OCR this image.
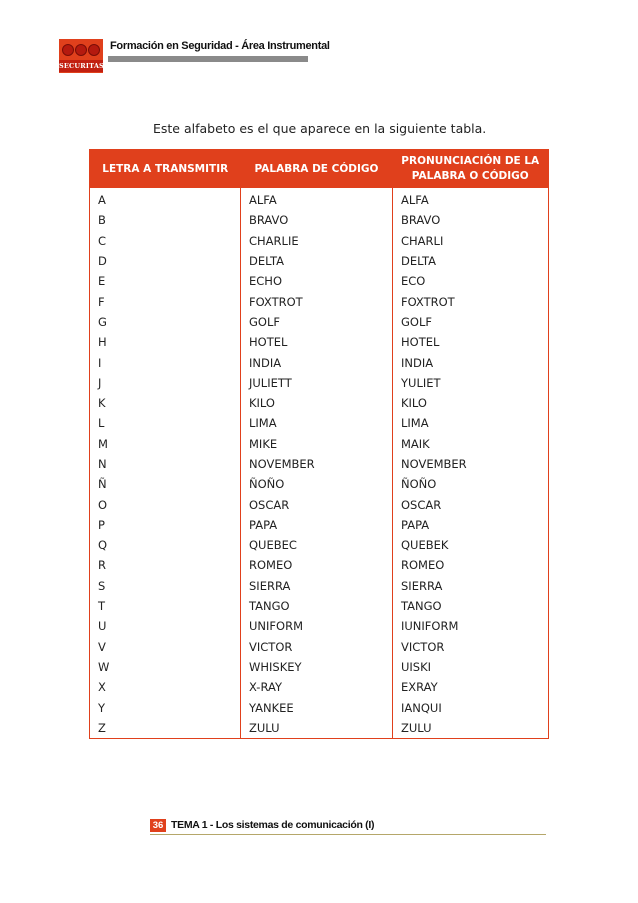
SECURITAS
Formación en Seguridad - Área Instrumental
Este alfabeto es el que aparece en la siguiente tabla.
LETRA A TRANSMITIR	PALABRA DE CÓDIGO	PRONUNCIACIÓN DE LA PALABRA O CÓDIGO

A	ALFA	ALFA
B	BRAVO	BRAVO
C	CHARLIE	CHARLI
D	DELTA	DELTA
E	ECHO	ECO
F	FOXTROT	FOXTROT
G	GOLF	GOLF
H	HOTEL	HOTEL
I	INDIA	INDIA
J	JULIETT	YULIET
K	KILO	KILO
L	LIMA	LIMA
M	MIKE	MAIK
N	NOVEMBER	NOVEMBER
Ñ	ÑOÑO	ÑOÑO
O	OSCAR	OSCAR
P	PAPA	PAPA
Q	QUEBEC	QUEBEK
R	ROMEO	ROMEO
S	SIERRA	SIERRA
T	TANGO	TANGO
U	UNIFORM	IUNIFORM
V	VICTOR	VICTOR
W	WHISKEY	UISKI
X	X-RAY	EXRAY
Y	YANKEE	IANQUI
Z	ZULU	ZULU
36 TEMA 1 - Los sistemas de comunicación (I)
